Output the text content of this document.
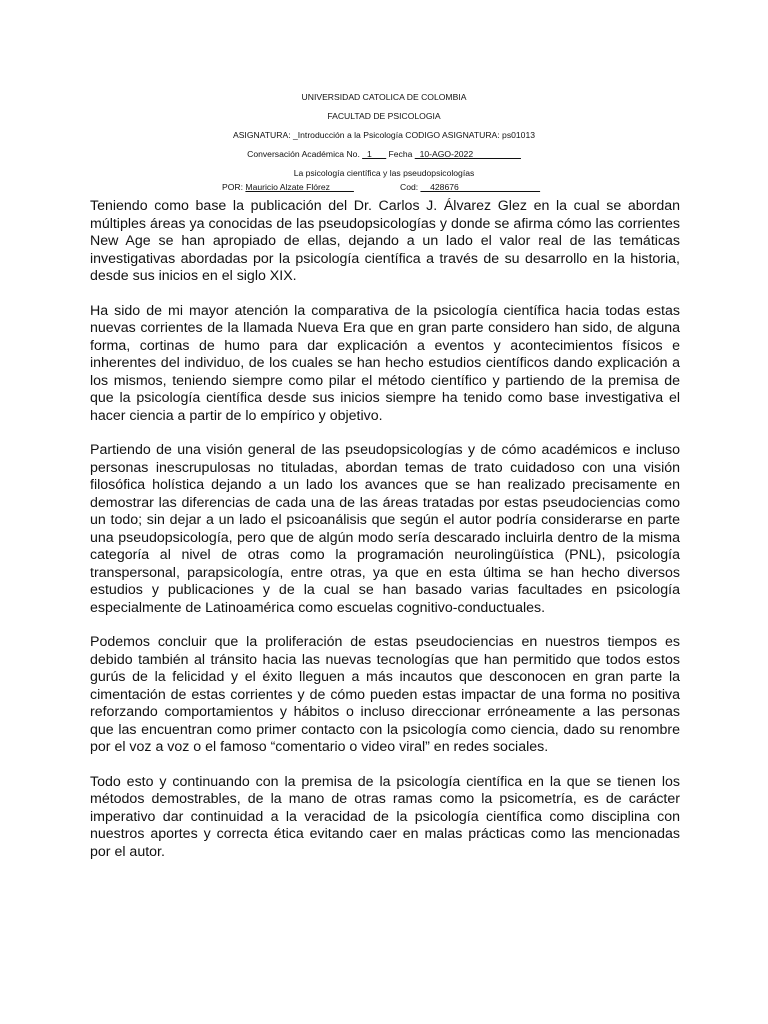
UNIVERSIDAD CATOLICA DE COLOMBIA
FACULTAD DE PSICOLOGIA
ASIGNATURA: _Introducción a la Psicología CODIGO ASIGNATURA: ps01013
Conversación Académica No. _1___ Fecha _10-AGO-2022__________
La psicología científica y las pseudopsicologías
POR: Mauricio Alzate Flórez_____	Cod: __428676_________________

Teniendo como base la publicación del Dr. Carlos J. Álvarez Glez en la cual se abordan múltiples áreas ya conocidas de las pseudopsicologías y donde se afirma cómo las corrientes New Age se han apropiado de ellas, dejando a un lado el valor real de las temáticas investigativas abordadas por la psicología científica a través de su desarrollo en la historia, desde sus inicios en el siglo XIX.

Ha sido de mi mayor atención la comparativa de la psicología científica hacia todas estas nuevas corrientes de la llamada Nueva Era que en gran parte considero han sido, de alguna forma, cortinas de humo para dar explicación a eventos y acontecimientos físicos e inherentes del individuo, de los cuales se han hecho estudios científicos dando explicación a los mismos, teniendo siempre como pilar el método científico y partiendo de la premisa de que la psicología científica desde sus inicios siempre ha tenido como base investigativa el hacer ciencia a partir de lo empírico y objetivo.

Partiendo de una visión general de las pseudopsicologías y de cómo académicos e incluso personas inescrupulosas no tituladas, abordan temas de trato cuidadoso con una visión filosófica holística dejando a un lado los avances que se han realizado precisamente en demostrar las diferencias de cada una de las áreas tratadas por estas pseudociencias como un todo; sin dejar a un lado el psicoanálisis que según el autor podría considerarse en parte una pseudopsicología, pero que de algún modo sería descarado incluirla dentro de la misma categoría al nivel de otras como la programación neurolingüística (PNL), psicología transpersonal, parapsicología, entre otras, ya que en esta última se han hecho diversos estudios y publicaciones y de la cual se han basado varias facultades en psicología especialmente de Latinoamérica como escuelas cognitivo-conductuales.

Podemos concluir que la proliferación de estas pseudociencias en nuestros tiempos es debido también al tránsito hacia las nuevas tecnologías que han permitido que todos estos gurús de la felicidad y el éxito lleguen a más incautos que desconocen en gran parte la cimentación de estas corrientes y de cómo pueden estas impactar de una forma no positiva reforzando comportamientos y hábitos o incluso direccionar erróneamente a las personas que las encuentran como primer contacto con la psicología como ciencia, dado su renombre por el voz a voz o el famoso “comentario o video viral” en redes sociales.

Todo esto y continuando con la premisa de la psicología científica en la que se tienen los métodos demostrables, de la mano de otras ramas como la psicometría, es de carácter imperativo dar continuidad a la veracidad de la psicología científica como disciplina con nuestros aportes y correcta ética evitando caer en malas prácticas como las mencionadas por el autor.
